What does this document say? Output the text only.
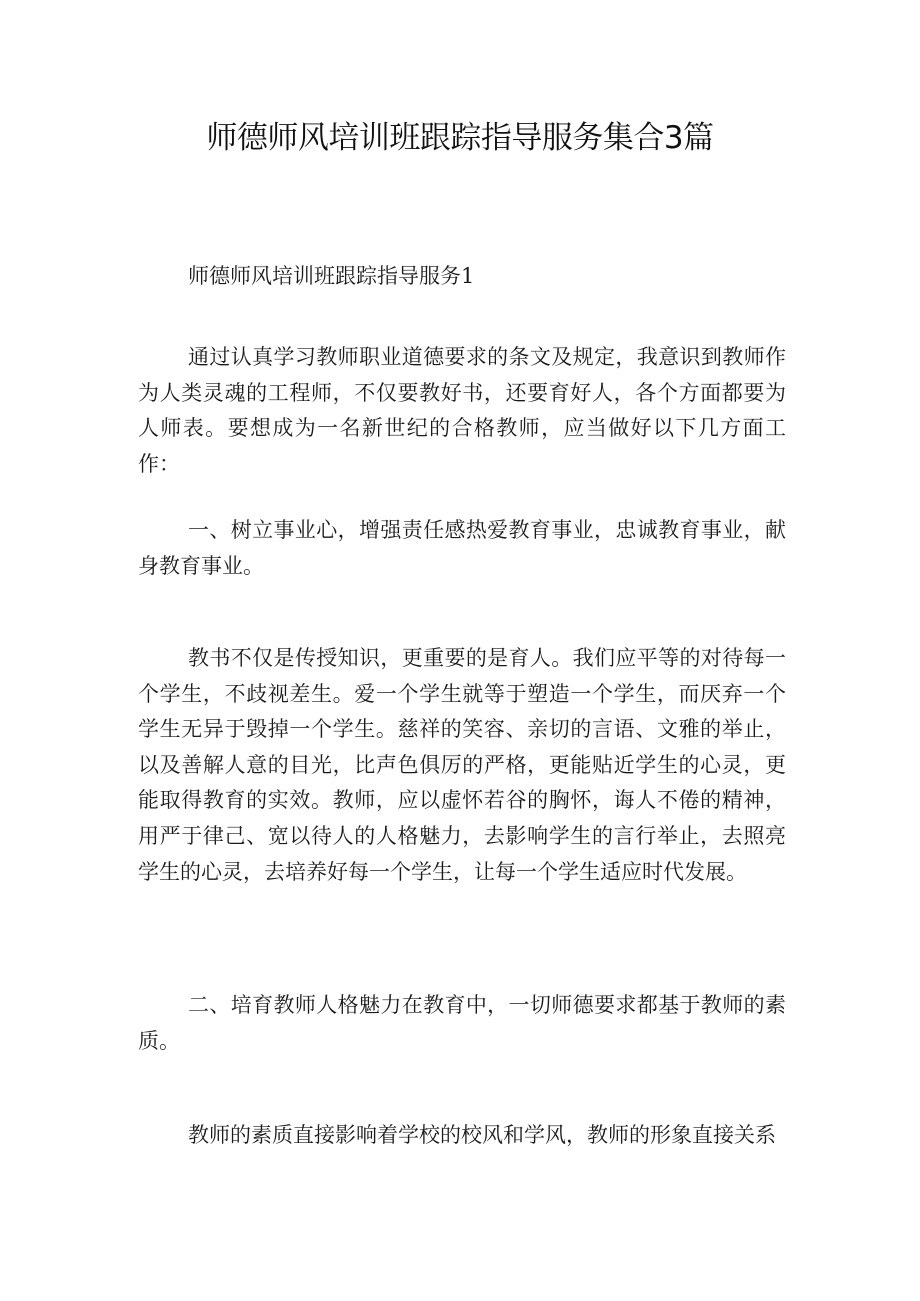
师德师风培训班跟踪指导服务集合3篇

师德师风培训班跟踪指导服务1

通过认真学习教师职业道德要求的条文及规定，我意识到教师作为人类灵魂的工程师，不仅要教好书，还要育好人，各个方面都要为人师表。要想成为一名新世纪的合格教师，应当做好以下几方面工作：

一、树立事业心，增强责任感热爱教育事业，忠诚教育事业，献身教育事业。

教书不仅是传授知识，更重要的是育人。我们应平等的对待每一个学生，不歧视差生。爱一个学生就等于塑造一个学生，而厌弃一个学生无异于毁掉一个学生。慈祥的笑容、亲切的言语、文雅的举止，以及善解人意的目光，比声色俱厉的严格，更能贴近学生的心灵，更能取得教育的实效。教师，应以虚怀若谷的胸怀，诲人不倦的精神，用严于律己、宽以待人的人格魅力，去影响学生的言行举止，去照亮学生的心灵，去培养好每一个学生，让每一个学生适应时代发展。

二、培育教师人格魅力在教育中，一切师德要求都基于教师的素质。

教师的素质直接影响着学校的校风和学风，教师的形象直接关系
